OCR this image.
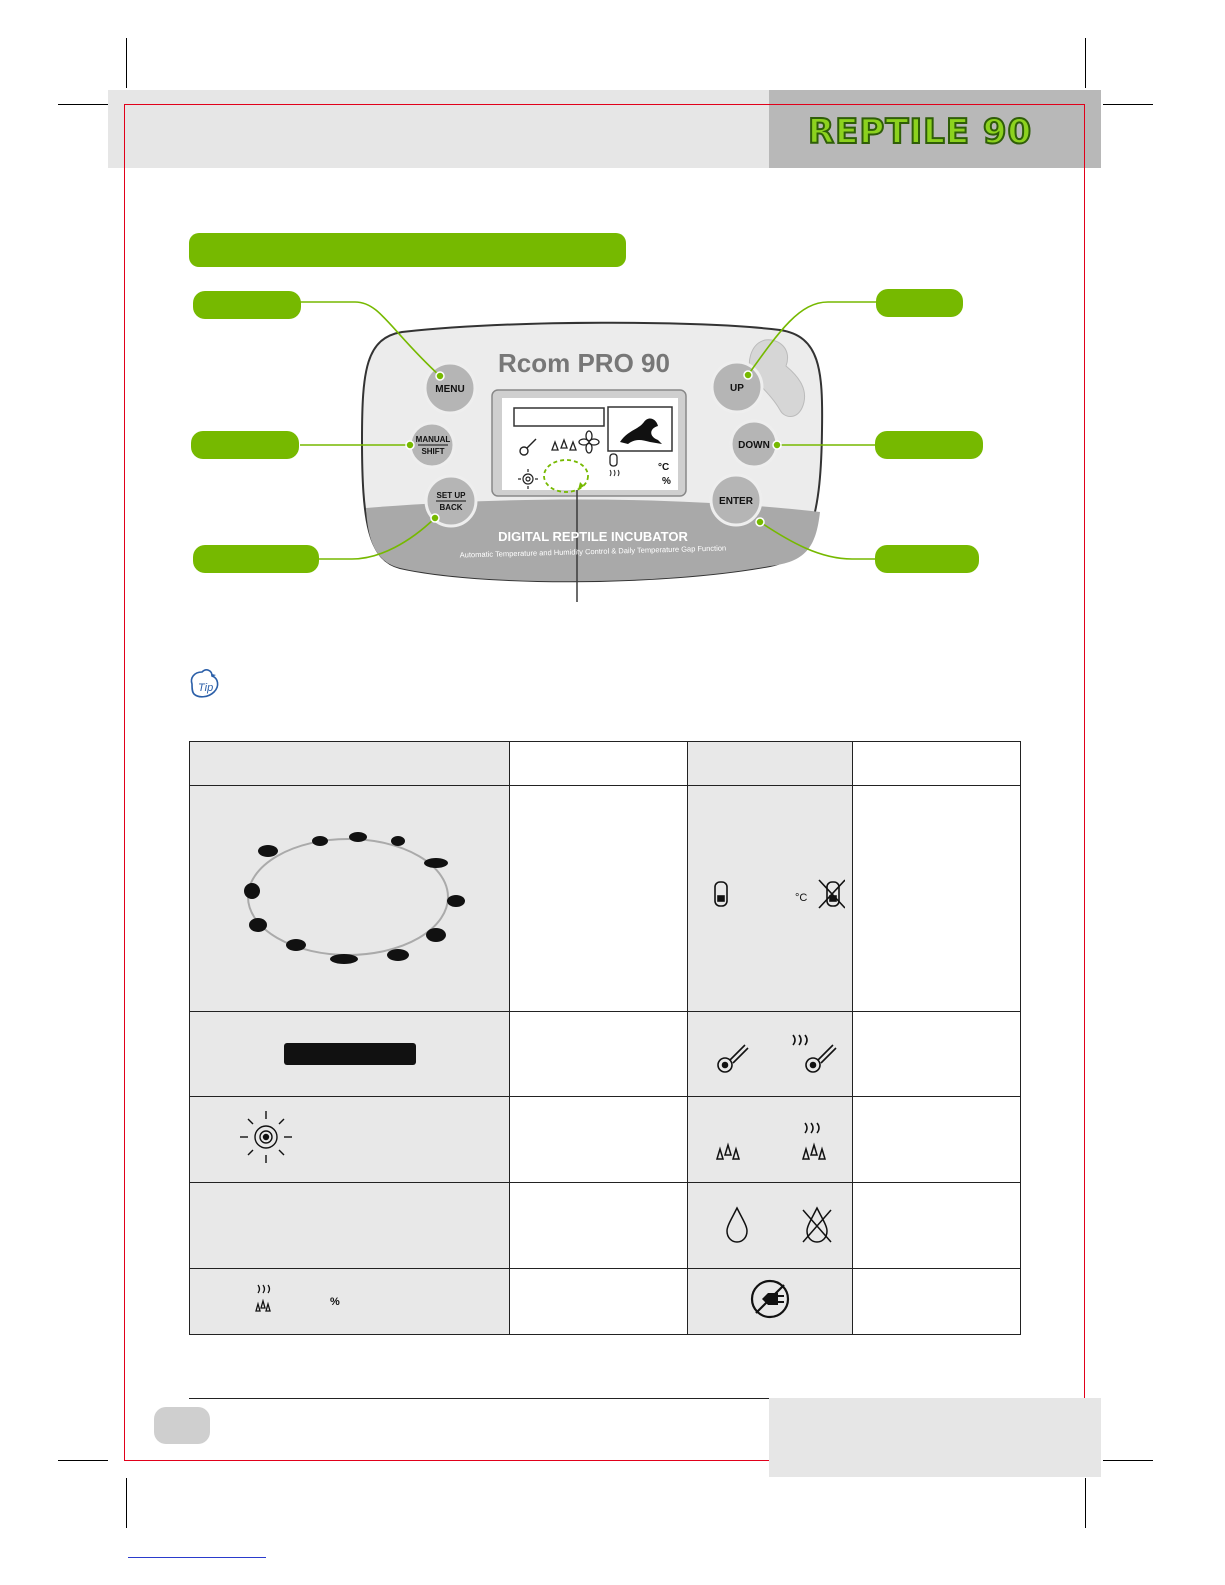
REPTILE 90
Rcom PRO 90
°C
%
MENU
MANUAL
SHIFT
SET UP
BACK
UP
DOWN
ENTER
DIGITAL REPTILE INCUBATOR
Automatic Temperature and Humidity Control & Daily Temperature Gap Function
Tip

°C	

%
